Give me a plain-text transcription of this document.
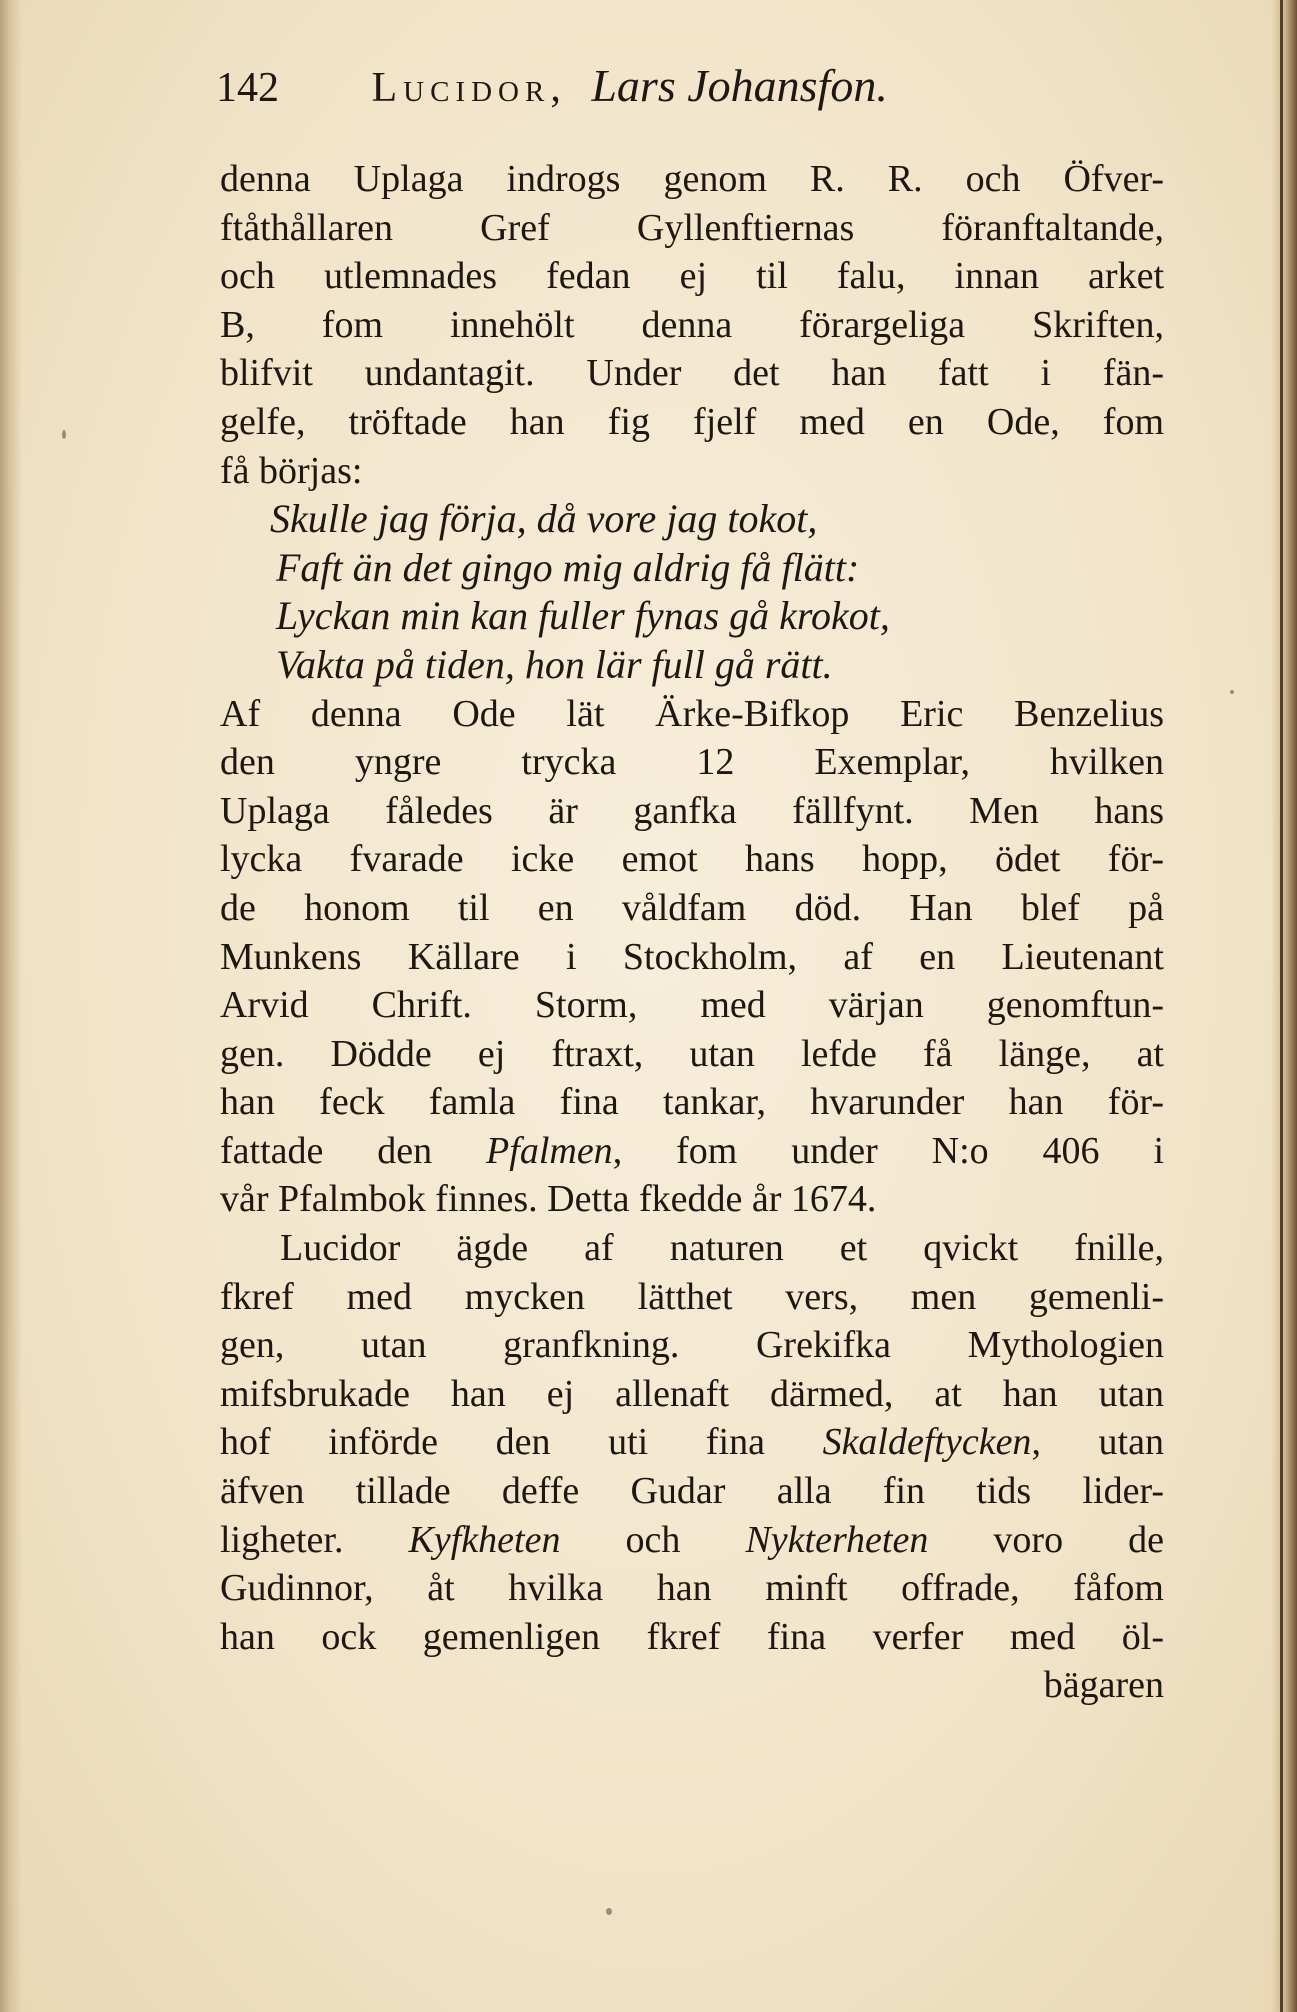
142 Lucidor, Lars Johansfon.
denna Uplaga indrogs genom R. R. och Öfver-
ftåthållaren Gref Gyllenftiernas föranftaltande,
och utlemnades fedan ej til falu, innan arket
B, fom innehölt denna förargeliga Skriften,
blifvit undantagit. Under det han fatt i fän-
gelfe, tröftade han fig fjelf med en Ode, fom
få börjas:
Skulle jag förja, då vore jag tokot,
Faft än det gingo mig aldrig få flätt:
Lyckan min kan fuller fynas gå krokot,
Vakta på tiden, hon lär full gå rätt.
Af denna Ode lät Ärke-Bifkop Eric Benzelius
den yngre trycka 12 Exemplar, hvilken
Uplaga fåledes är ganfka fällfynt. Men hans
lycka fvarade icke emot hans hopp, ödet för-
de honom til en våldfam död. Han blef på
Munkens Källare i Stockholm, af en Lieutenant
Arvid Chrift. Storm, med värjan genomftun-
gen. Dödde ej ftraxt, utan lefde få länge, at
han feck famla fina tankar, hvarunder han för-
fattade den Pfalmen, fom under N:o 406 i
vår Pfalmbok finnes. Detta fkedde år 1674.
Lucidor ägde af naturen et qvickt fnille,
fkref med mycken lätthet vers, men gemenli-
gen, utan granfkning. Grekifka Mythologien
mifsbrukade han ej allenaft därmed, at han utan
hof införde den uti fina Skaldeftycken, utan
äfven tillade deffe Gudar alla fin tids lider-
ligheter. Kyfkheten och Nykterheten voro de
Gudinnor, åt hvilka han minft offrade, fåfom
han ock gemenligen fkref fina verfer med öl-
bägaren
